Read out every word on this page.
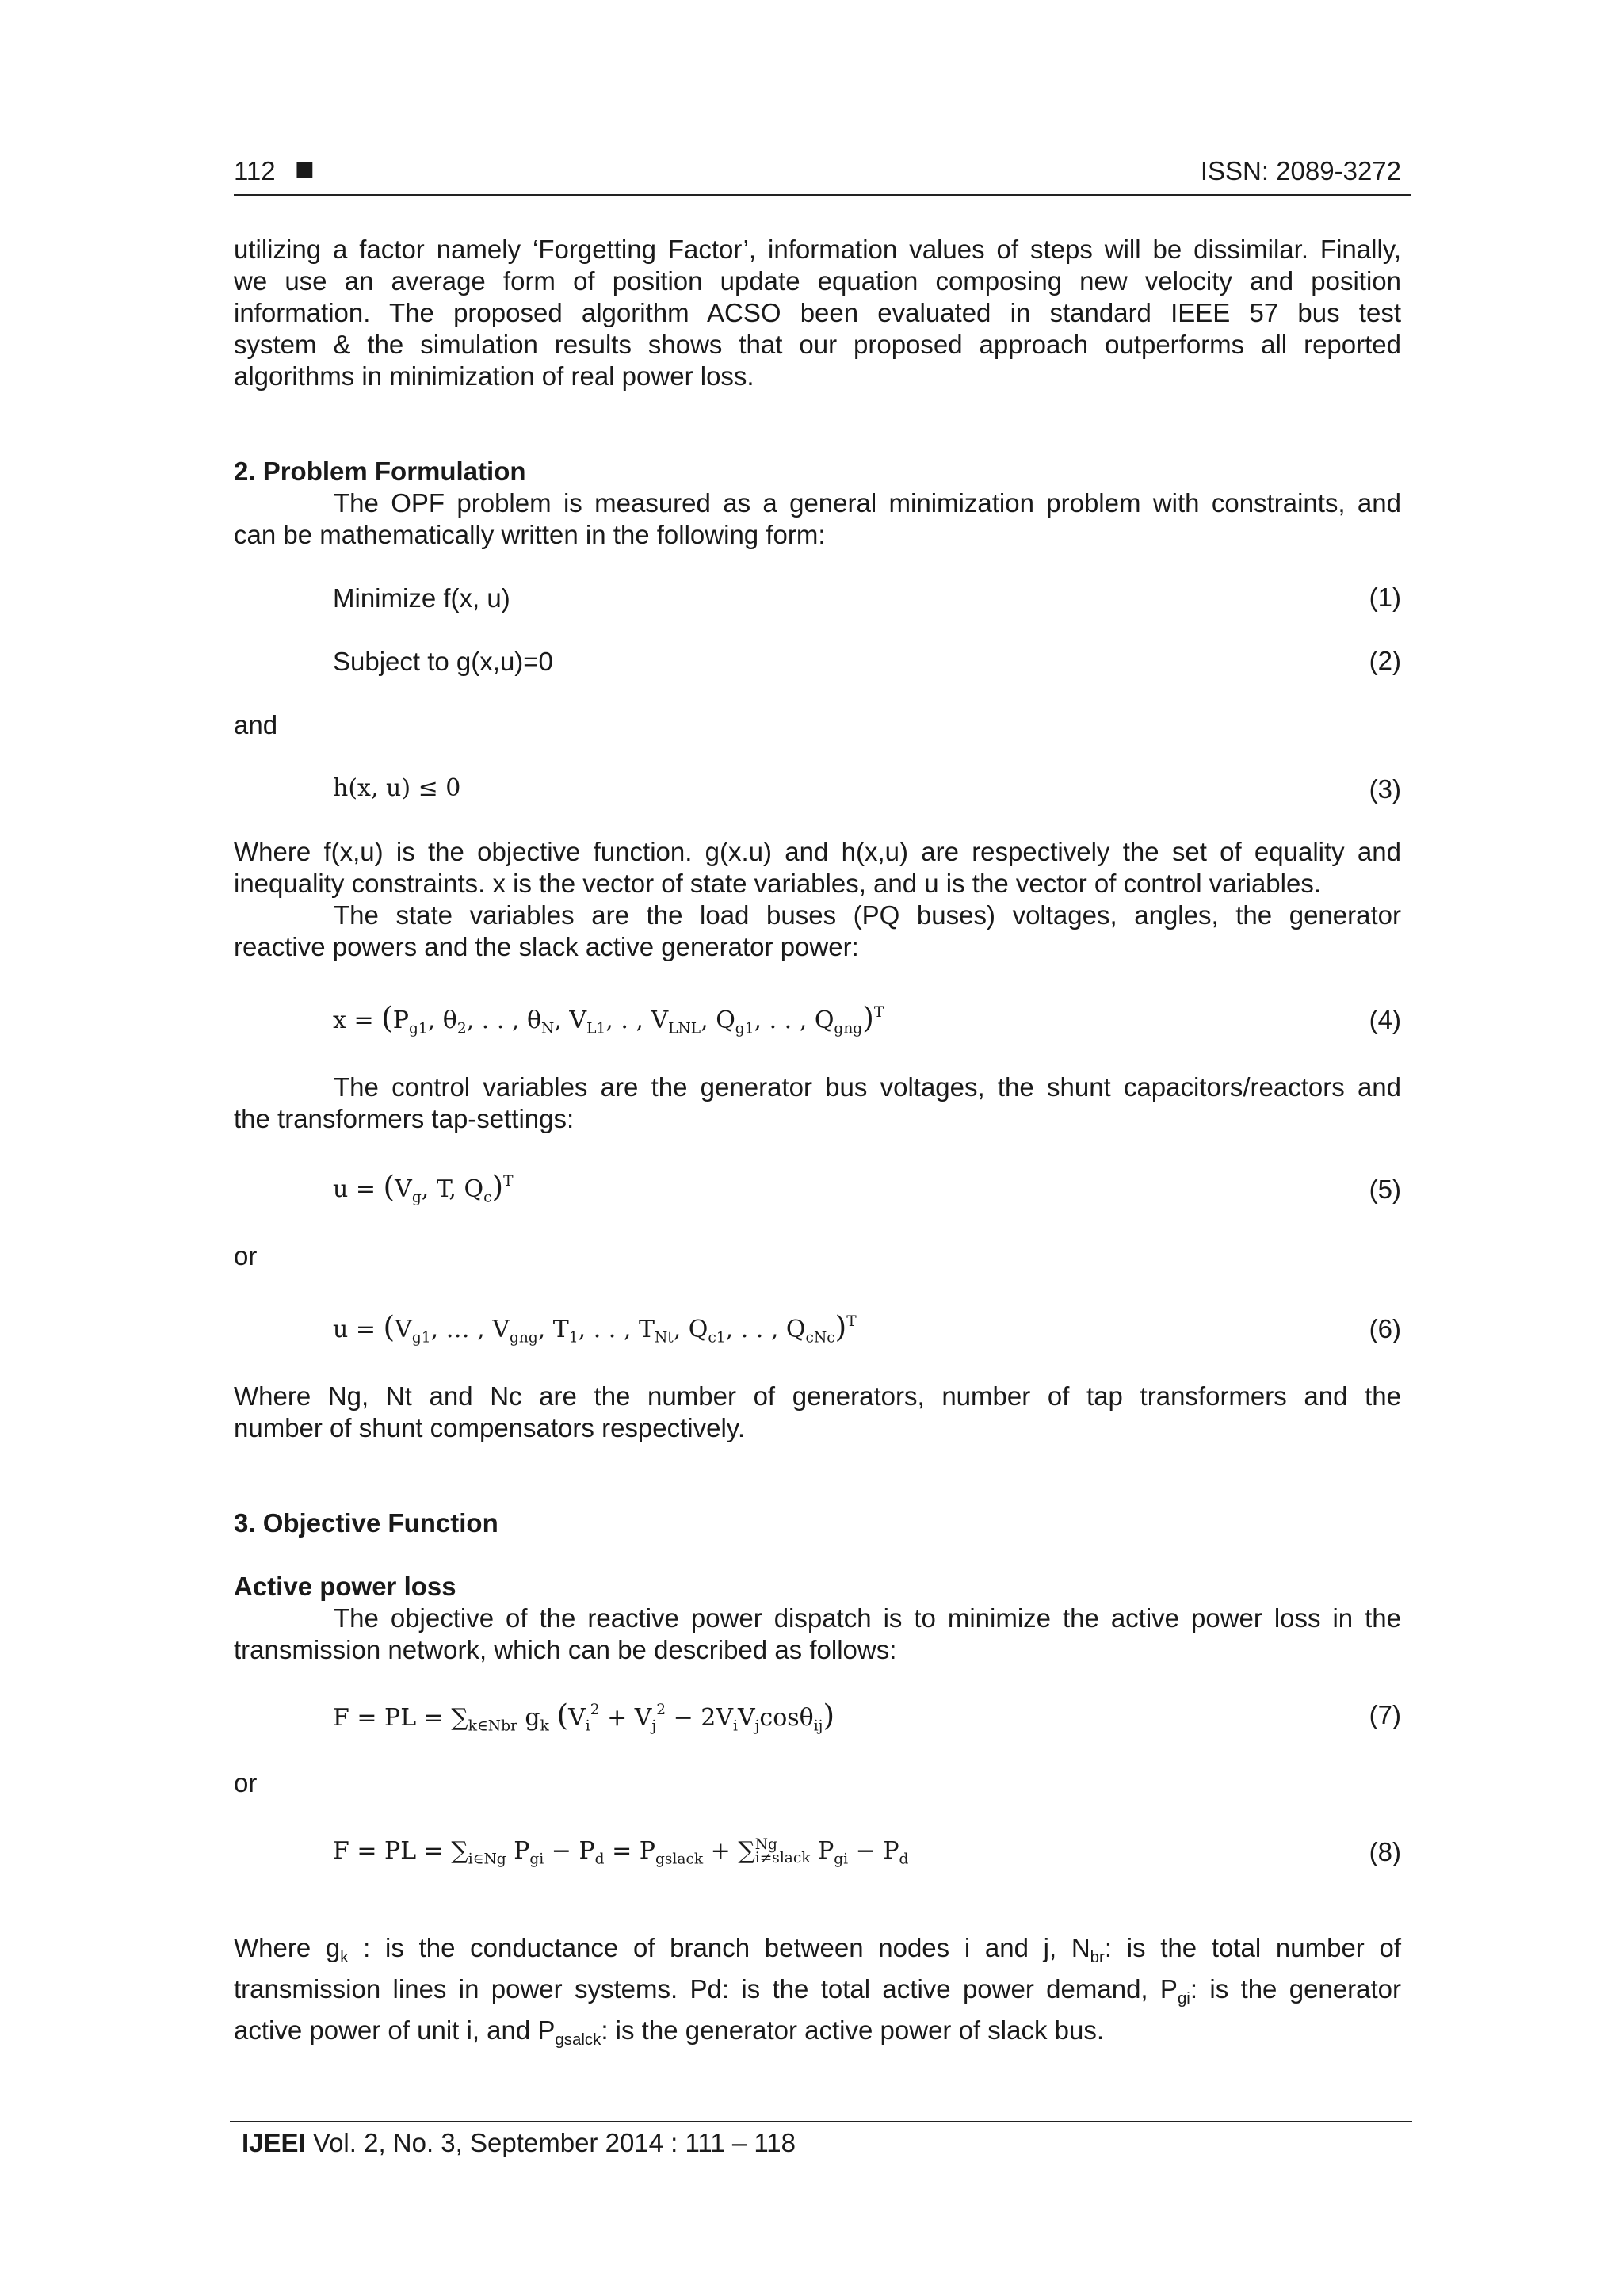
112 ■	ISSN: 2089-3272
utilizing a factor namely ‘Forgetting Factor’, information values of steps will be dissimilar. Finally,
we use an average form of position update equation composing new velocity and position
information. The proposed algorithm ACSO been evaluated in standard IEEE 57 bus test
system & the simulation results shows that our proposed approach outperforms all reported
algorithms in minimization of real power loss.
2. Problem Formulation
The OPF problem is measured as a general minimization problem with constraints, and
can be mathematically written in the following form:
Minimize f(x, u)	(1)
Subject to g(x,u)=0	(2)
and
h(x, u) ≤ 0	(3)
Where f(x,u) is the objective function. g(x.u) and h(x,u) are respectively the set of equality and
inequality constraints. x is the vector of state variables, and u is the vector of control variables.
The state variables are the load buses (PQ buses) voltages, angles, the generator
reactive powers and the slack active generator power:
$x = (P_{g1}$, $\theta_2$, . . , $\theta_N$, $V_{L1}$, . , $V_{LNL}$, $Q_{g1}$, . . , $Q_{gng})^T$	(4)
The control variables are the generator bus voltages, the shunt capacitors/reactors and
the transformers tap-settings:
$u = (V_g$, T, $Q_c)^T$	(5)
or
$u = (V_{g1}$, … , $V_{gng}$, $T_1$, . . , $T_{Nt}$, $Q_{c1}$, . . , $Q_{cNc})^T$	(6)
Where Ng, Nt and Nc are the number of generators, number of tap transformers and the
number of shunt compensators respectively.
3. Objective Function
Active power loss
The objective of the reactive power dispatch is to minimize the active power loss in the
transmission network, which can be described as follows:
F = PL = $\sum_{k\in Nbr}$ $g_k$ $(V_i^2 + V_j^2 - 2V_iV_j\cos\theta_{ij})$	(7)
or
F = PL = $\sum_{i\in Ng}$ $P_{gi} - P_d = P_{gslack}$ + ∑ Ng
i≠slack $P_{gi} - P_d$	(8)
Where $g_k$ : is the conductance of branch between nodes i and j, $N_{br}$: is the total number of
transmission lines in power systems. Pd: is the total active power demand, $P_{gi}$: is the generator
active power of unit i, and $P_{gsalck}$: is the generator active power of slack bus.
IJEEI Vol. 2, No. 3, September 2014 : 111 – 118
